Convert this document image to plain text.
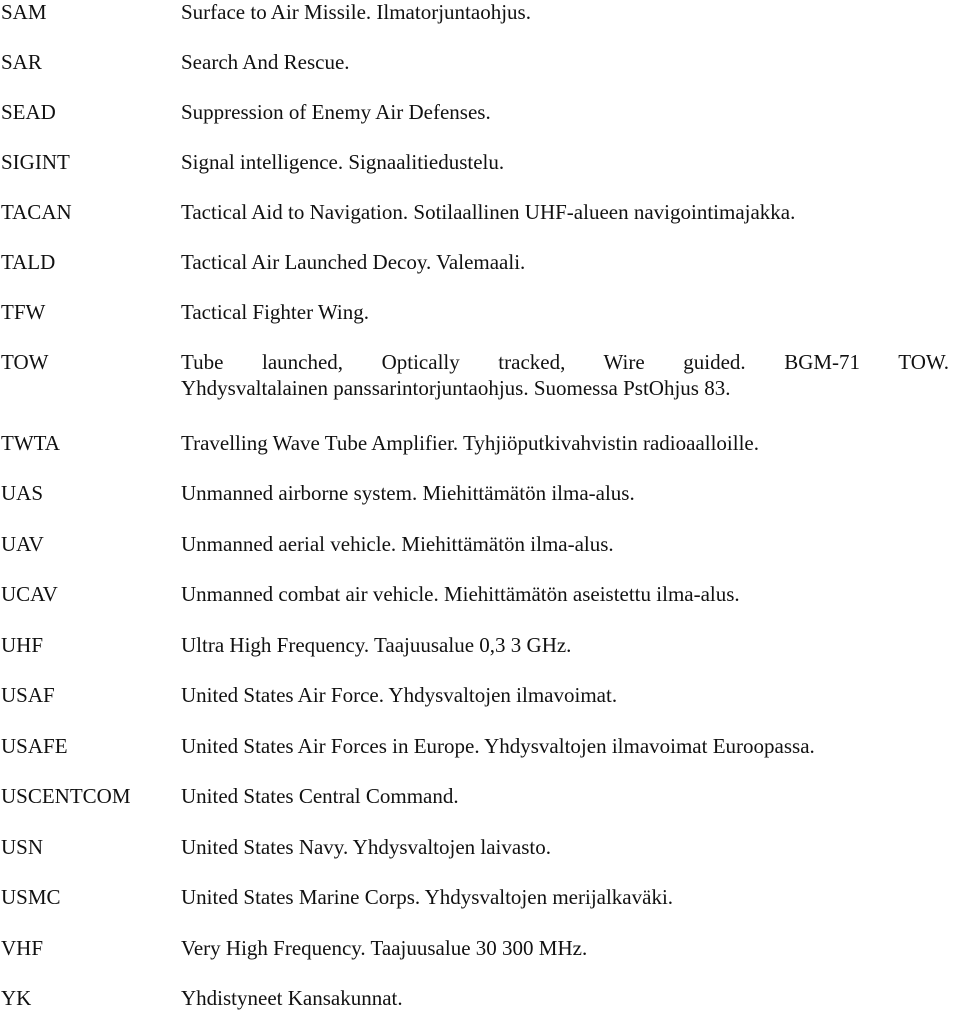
SAM	Surface to Air Missile. Ilmatorjuntaohjus.
SAR	Search And Rescue.
SEAD	Suppression of Enemy Air Defenses.
SIGINT	Signal intelligence. Signaalitiedustelu.
TACAN	Tactical Aid to Navigation. Sotilaallinen UHF-alueen navigointimajakka.
TALD	Tactical Air Launched Decoy. Valemaali.
TFW	Tactical Fighter Wing.
TOW	Tube launched, Optically tracked, Wire guided. BGM-71 TOW.
Yhdysvaltalainen panssarintorjuntaohjus. Suomessa PstOhjus 83.
TWTA	Travelling Wave Tube Amplifier. Tyhjiöputkivahvistin radioaalloille.
UAS	Unmanned airborne system. Miehittämätön ilma-alus.
UAV	Unmanned aerial vehicle. Miehittämätön ilma-alus.
UCAV	Unmanned combat air vehicle. Miehittämätön aseistettu ilma-alus.
UHF	Ultra High Frequency. Taajuusalue 0,3 3 GHz.
USAF	United States Air Force. Yhdysvaltojen ilmavoimat.
USAFE	United States Air Forces in Europe. Yhdysvaltojen ilmavoimat Euroopassa.
USCENTCOM United States Central Command.
USN	United States Navy. Yhdysvaltojen laivasto.
USMC	United States Marine Corps. Yhdysvaltojen merijalkaväki.
VHF	Very High Frequency. Taajuusalue 30 300 MHz.
YK	Yhdistyneet Kansakunnat.
